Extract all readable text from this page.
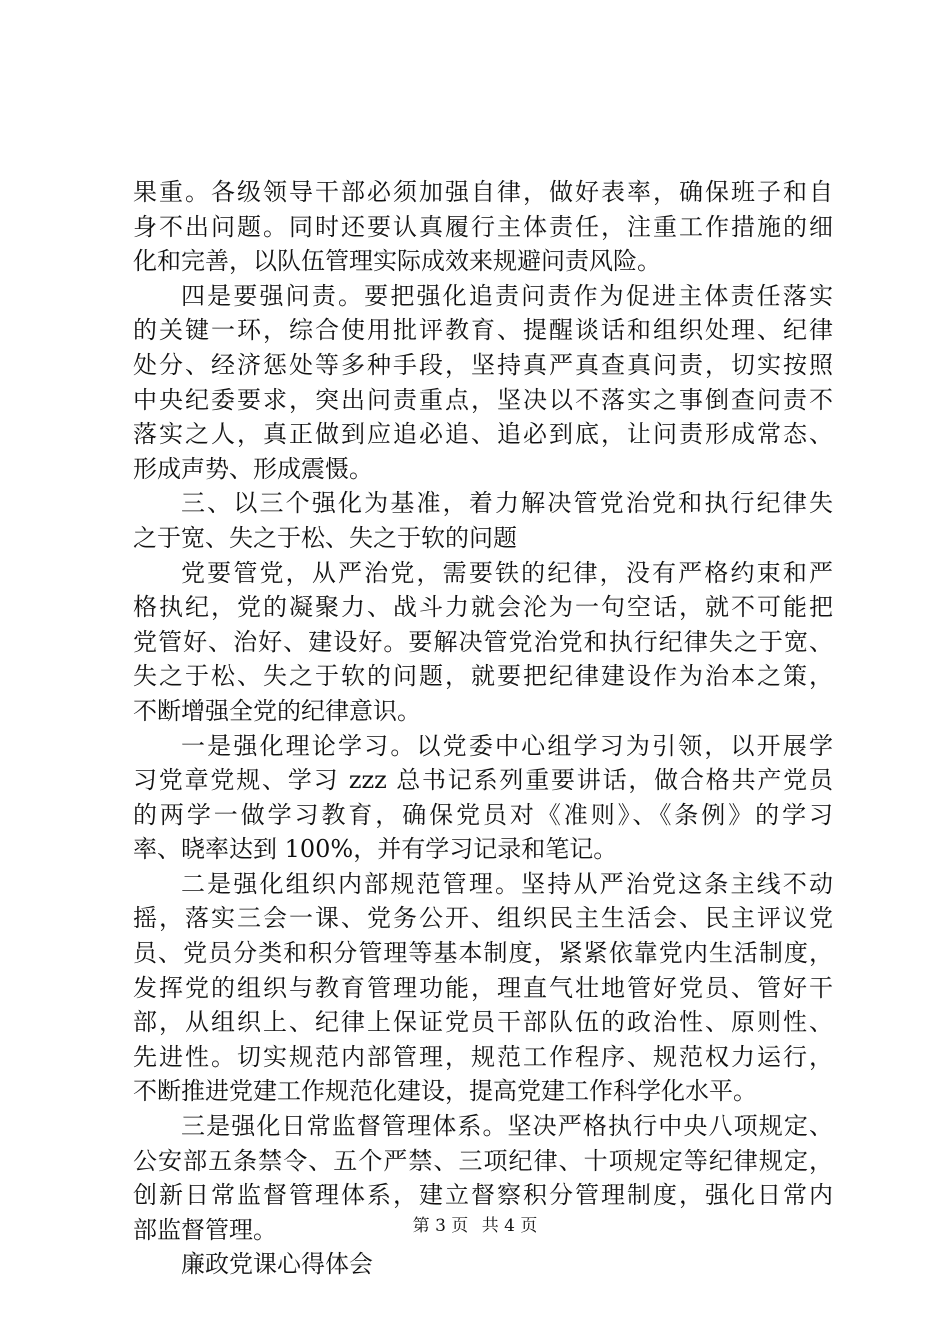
果重。各级领导干部必须加强自律，做好表率，确保班子和自
身不出问题。同时还要认真履行主体责任，注重工作措施的细
化和完善，以队伍管理实际成效来规避问责风险。
四是要强问责。要把强化追责问责作为促进主体责任落实
的关键一环，综合使用批评教育、提醒谈话和组织处理、纪律
处分、经济惩处等多种手段，坚持真严真查真问责，切实按照
中央纪委要求，突出问责重点，坚决以不落实之事倒查问责不
落实之人，真正做到应追必追、追必到底，让问责形成常态、
形成声势、形成震慑。
三、以三个强化为基准，着力解决管党治党和执行纪律失
之于宽、失之于松、失之于软的问题
党要管党，从严治党，需要铁的纪律，没有严格约束和严
格执纪，党的凝聚力、战斗力就会沦为一句空话，就不可能把
党管好、治好、建设好。要解决管党治党和执行纪律失之于宽、
失之于松、失之于软的问题，就要把纪律建设作为治本之策，
不断增强全党的纪律意识。
一是强化理论学习。以党委中心组学习为引领，以开展学
习党章党规、学习 zzz 总书记系列重要讲话，做合格共产党员
的两学一做学习教育，确保党员对《准则》、《条例》的学习
率、晓率达到 100%，并有学习记录和笔记。
二是强化组织内部规范管理。坚持从严治党这条主线不动
摇，落实三会一课、党务公开、组织民主生活会、民主评议党
员、党员分类和积分管理等基本制度，紧紧依靠党内生活制度，
发挥党的组织与教育管理功能，理直气壮地管好党员、管好干
部，从组织上、纪律上保证党员干部队伍的政治性、原则性、
先进性。切实规范内部管理，规范工作程序、规范权力运行，
不断推进党建工作规范化建设，提高党建工作科学化水平。
三是强化日常监督管理体系。坚决严格执行中央八项规定、
公安部五条禁令、五个严禁、三项纪律、十项规定等纪律规定，
创新日常监督管理体系，建立督察积分管理制度，强化日常内
部监督管理。
廉政党课心得体会
第 3 页 共 4 页
